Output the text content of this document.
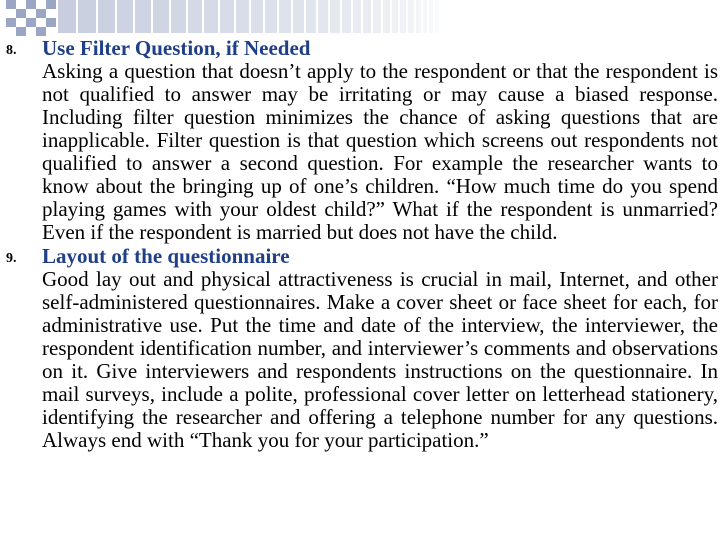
8.	Use Filter Question, if Needed

Asking a question that doesn’t apply to the respondent or that the respondent is not qualified to answer may be irritating or may cause a biased response. Including filter question minimizes the chance of asking questions that are inapplicable. Filter question is that question which screens out respondents not qualified to answer a second question. For example the researcher wants to know about the bringing up of one’s children. “How much time do you spend playing games with your oldest child?” What if the respondent is unmarried? Even if the respondent is married but does not have the child.

9.	Layout of the questionnaire

Good lay out and physical attractiveness is crucial in mail, Internet, and other self-administered questionnaires. Make a cover sheet or face sheet for each, for administrative use. Put the time and date of the interview, the interviewer, the respondent identification number, and interviewer’s comments and observations on it. Give interviewers and respondents instructions on the questionnaire. In mail surveys, include a polite, professional cover letter on letterhead stationery, identifying the researcher and offering a telephone number for any questions. Always end with “Thank you for your participation.”
